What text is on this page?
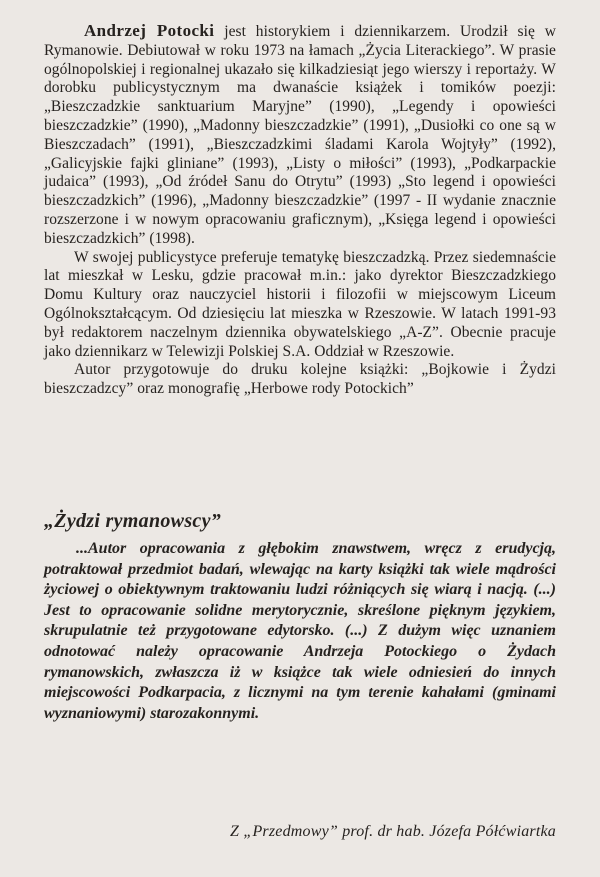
Andrzej Potocki jest historykiem i dziennikarzem. Urodził się w Rymanowie. Debiutował w roku 1973 na łamach „Życia Literackiego”. W prasie ogólnopolskiej i regionalnej ukazało się kilkadziesiąt jego wierszy i reportaży. W dorobku publicystycznym ma dwanaście książek i tomików poezji: „Bieszczadzkie sanktuarium Maryjne” (1990), „Legendy i opowieści bieszczadzkie” (1990), „Madonny bieszczadzkie” (1991), „Dusiołki co one są w Bieszczadach” (1991), „Bieszczadzkimi śladami Karola Wojtyły” (1992), „Galicyjskie fajki gliniane” (1993), „Listy o miłości” (1993), „Podkarpackie judaica” (1993), „Od źródeł Sanu do Otrytu” (1993) „Sto legend i opowieści bieszczadzkich” (1996), „Madonny bieszczadzkie” (1997 - II wydanie znacznie rozszerzone i w nowym opracowaniu graficznym), „Księga legend i opowieści bieszczadzkich” (1998).

W swojej publicystyce preferuje tematykę bieszczadzką. Przez siedemnaście lat mieszkał w Lesku, gdzie pracował m.in.: jako dyrektor Bieszczadzkiego Domu Kultury oraz nauczyciel historii i filozofii w miejscowym Liceum Ogólnokształcącym. Od dziesięciu lat mieszka w Rzeszowie. W latach 1991-93 był redaktorem naczelnym dziennika obywatelskiego „A-Z”. Obecnie pracuje jako dziennikarz w Telewizji Polskiej S.A. Oddział w Rzeszowie.

Autor przygotowuje do druku kolejne książki: „Bojkowie i Żydzi bieszczadzcy” oraz monografię „Herbowe rody Potockich”

„Żydzi rymanowscy”

...Autor opracowania z głębokim znawstwem, wręcz z erudycją, potraktował przedmiot badań, wlewając na karty książki tak wiele mądrości życiowej o obiektywnym traktowaniu ludzi różniących się wiarą i nacją. (...) Jest to opracowanie solidne merytorycznie, skreślone pięknym językiem, skrupulatnie też przygotowane edytorsko. (...) Z dużym więc uznaniem odnotować należy opracowanie Andrzeja Potockiego o Żydach rymanowskich, zwłaszcza iż w książce tak wiele odniesień do innych miejscowości Podkarpacia, z licznymi na tym terenie kahałami (gminami wyznaniowymi) starozakonnymi.

Z „Przedmowy” prof. dr hab. Józefa Półćwiartka
